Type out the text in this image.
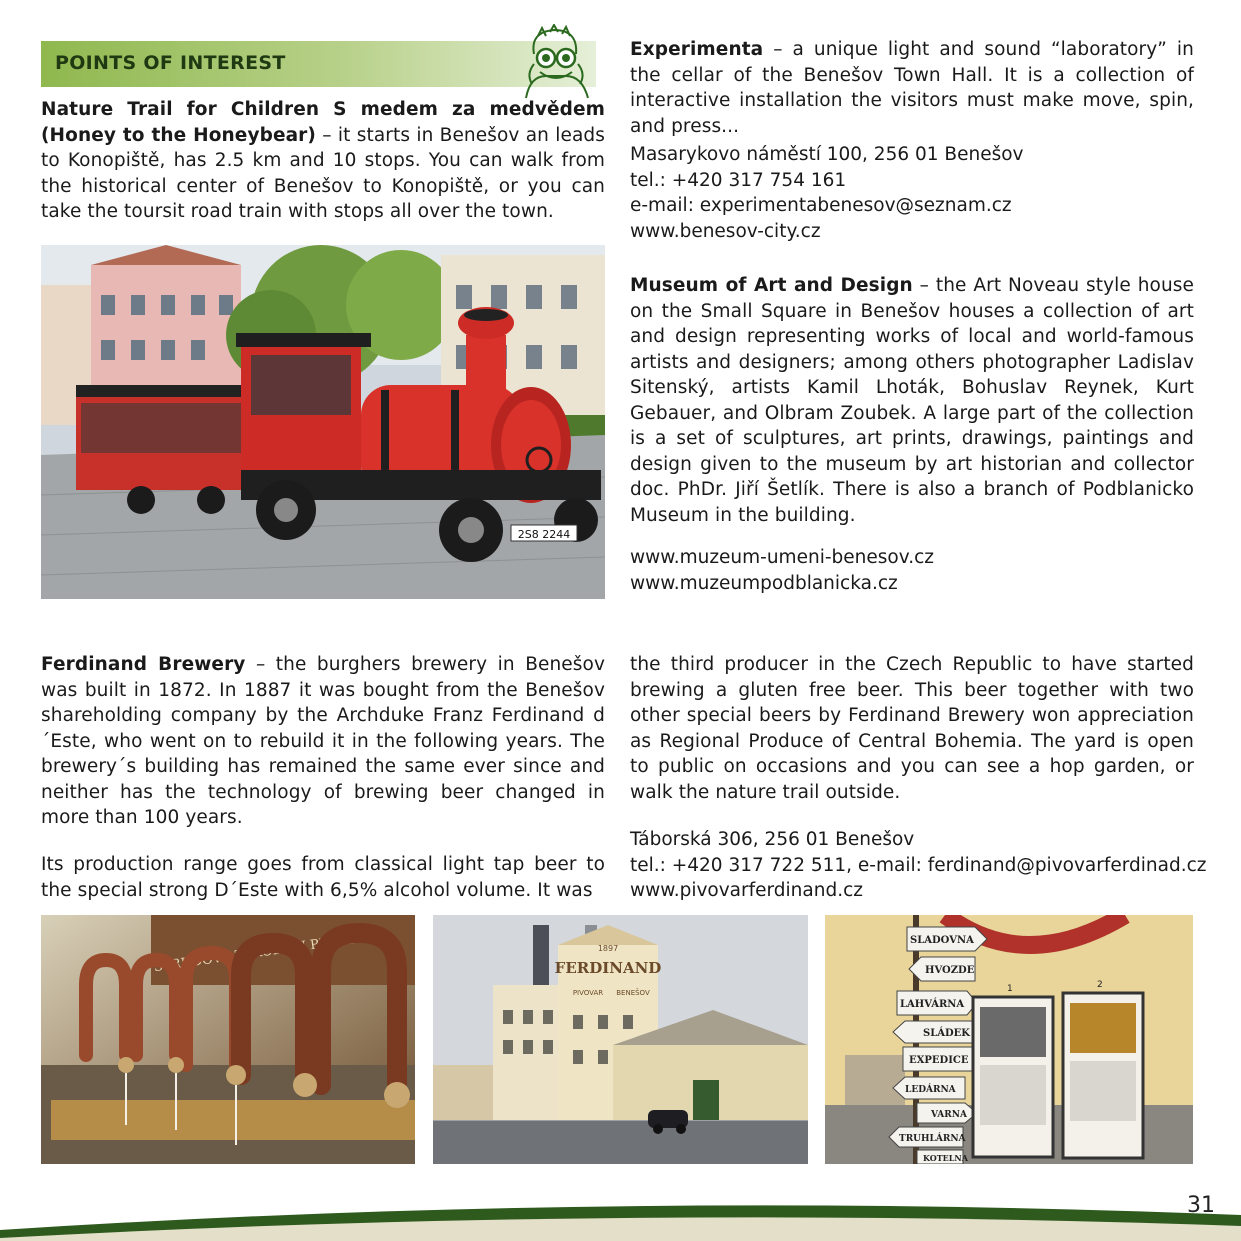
POINTS OF INTEREST

Nature Trail for Children S medem za medvědem (Honey to the Honeybear) – it starts in Benešov an leads to Konopiště, has 2.5 km and 10 stops. You can walk from the historical center of Benešov to Konopiště, or you can take the toursit road train with stops all over the town.

2S8 2244

Experimenta – a unique light and sound “laboratory” in the cellar of the Benešov Town Hall. It is a collection of interactive installation the visitors must make move, spin, and press...

Masarykovo náměstí 100, 256 01 Benešov
tel.: +420 317 754 161
e-mail: experimentabenesov@seznam.cz
www.benesov-city.cz

Museum of Art and Design – the Art Noveau style house on the Small Square in Benešov houses a collection of art and design representing works of local and world-famous artists and designers; among others photographer Ladislav Sitenský, artists Kamil Lhoták, Bohuslav Reynek, Kurt Gebauer, and Olbram Zoubek. A large part of the collection is a set of sculptures, art prints, drawings, paintings and design given to the museum by art historian and collector doc. PhDr. Jiří Šetlík. There is also a branch of Podblanicko Museum in the building.

www.muzeum-umeni-benesov.cz
www.muzeumpodblanicka.cz

Ferdinand Brewery – the burghers brewery in Benešov was built in 1872. In 1887 it was bought from the Benešov shareholding company by the Archduke Franz Ferdinand d´Este, who went on to rebuild it in the following years. The brewery´s building has remained the same ever since and neither has the technology of brewing beer changed in more than 100 years.

Its production range goes from classical light tap beer to the special strong D´Este with 6,5% alcohol volume. It was

the third producer in the Czech Republic to have started brewing a gluten free beer. This beer together with two other special beers by Ferdinand Brewery won appreciation as Regional Produce of Central Bohemia. The yard is open to public on occasions and you can see a hop garden, or walk the nature trail outside.

Táborská 306, 256 01 Benešov
tel.: +420 317 722 511, e-mail: ferdinand@pivovarferdinad.cz
www.pivovarferdinand.cz
STRUDOVY ZÁKODY U PLZNĚ	1897
FERDINAND
PIVOVAR BENEŠOV
SLADOVNA
HVOZDE
LAHVÁRNA
SLÁDEK
EXPEDICE
LEDÁRNA
VARNA
TRUHLÁRNA
KOTELNA
1	2
31
